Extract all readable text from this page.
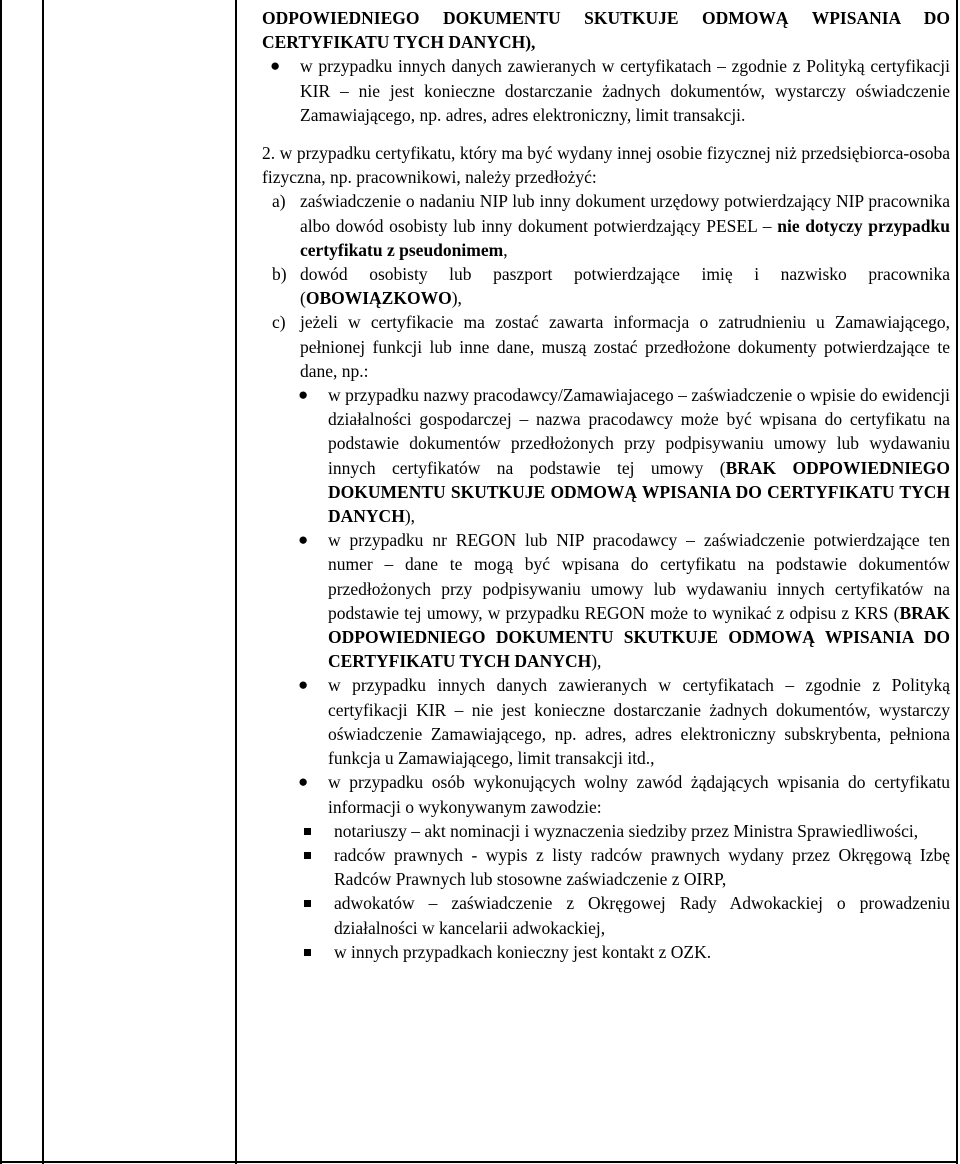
ODPOWIEDNIEGO DOKUMENTU SKUTKUJE ODMOWĄ WPISANIA DO CERTYFIKATU TYCH DANYCH),
● w przypadku innych danych zawieranych w certyfikatach – zgodnie z Polityką certyfikacji KIR – nie jest konieczne dostarczanie żadnych dokumentów, wystarczy oświadczenie Zamawiającego, np. adres, adres elektroniczny, limit transakcji.
2. w przypadku certyfikatu, który ma być wydany innej osobie fizycznej niż przedsiębiorca-osoba fizyczna, np. pracownikowi, należy przedłożyć:
a) zaświadczenie o nadaniu NIP lub inny dokument urzędowy potwierdzający NIP pracownika albo dowód osobisty lub inny dokument potwierdzający PESEL – nie dotyczy przypadku certyfikatu z pseudonimem,
b) dowód osobisty lub paszport potwierdzające imię i nazwisko pracownika (OBOWIĄZKOWO),
c) jeżeli w certyfikacie ma zostać zawarta informacja o zatrudnieniu u Zamawiającego, pełnionej funkcji lub inne dane, muszą zostać przedłożone dokumenty potwierdzające te dane, np.:
● w przypadku nazwy pracodawcy/Zamawiajacego – zaświadczenie o wpisie do ewidencji działalności gospodarczej – nazwa pracodawcy może być wpisana do certyfikatu na podstawie dokumentów przedłożonych przy podpisywaniu umowy lub wydawaniu innych certyfikatów na podstawie tej umowy (BRAK ODPOWIEDNIEGO DOKUMENTU SKUTKUJE ODMOWĄ WPISANIA DO CERTYFIKATU TYCH DANYCH),
● w przypadku nr REGON lub NIP pracodawcy – zaświadczenie potwierdzające ten numer – dane te mogą być wpisana do certyfikatu na podstawie dokumentów przedłożonych przy podpisywaniu umowy lub wydawaniu innych certyfikatów na podstawie tej umowy, w przypadku REGON może to wynikać z odpisu z KRS (BRAK ODPOWIEDNIEGO DOKUMENTU SKUTKUJE ODMOWĄ WPISANIA DO CERTYFIKATU TYCH DANYCH),
● w przypadku innych danych zawieranych w certyfikatach – zgodnie z Polityką certyfikacji KIR – nie jest konieczne dostarczanie żadnych dokumentów, wystarczy oświadczenie Zamawiającego, np. adres, adres elektroniczny subskrybenta, pełniona funkcja u Zamawiającego, limit transakcji itd.,
● w przypadku osób wykonujących wolny zawód żądających wpisania do certyfikatu informacji o wykonywanym zawodzie:
notariuszy – akt nominacji i wyznaczenia siedziby przez Ministra Sprawiedliwości,
radców prawnych - wypis z listy radców prawnych wydany przez Okręgową Izbę Radców Prawnych lub stosowne zaświadczenie z OIRP,
adwokatów – zaświadczenie z Okręgowej Rady Adwokackiej o prowadzeniu działalności w kancelarii adwokackiej,
w innych przypadkach konieczny jest kontakt z OZK.
